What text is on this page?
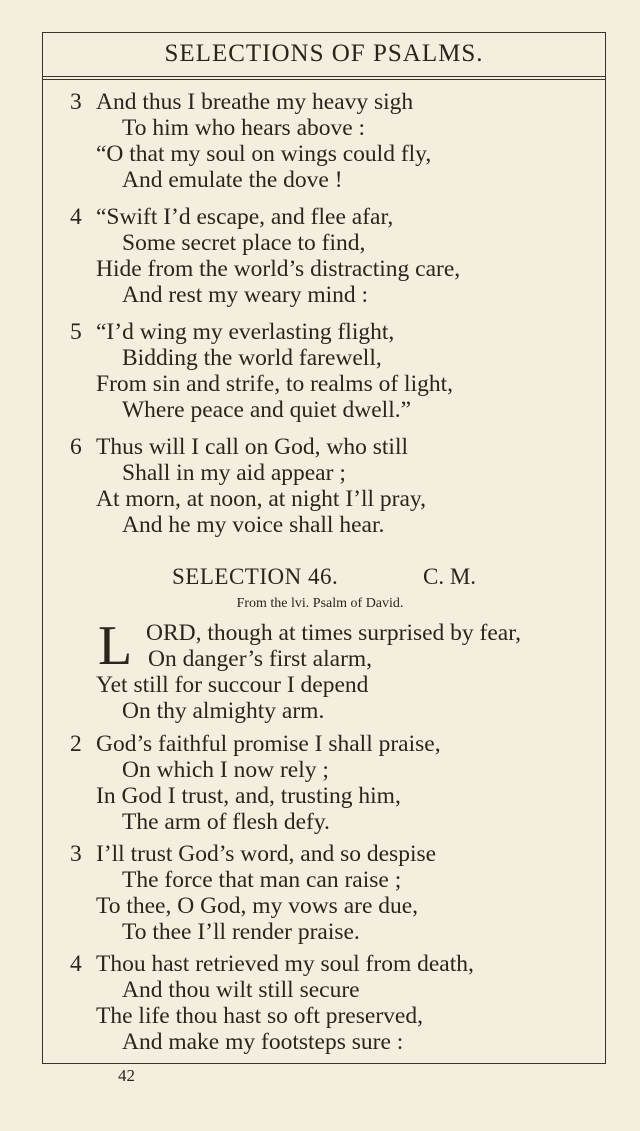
SELECTIONS OF PSALMS.
3 And thus I breathe my heavy sigh
To him who hears above :
“O that my soul on wings could fly,
And emulate the dove !
4 “Swift I’d escape, and flee afar,
Some secret place to find,
Hide from the world’s distracting care,
And rest my weary mind :
5 “I’d wing my everlasting flight,
Bidding the world farewell,
From sin and strife, to realms of light,
Where peace and quiet dwell.”
6 Thus will I call on God, who still
Shall in my aid appear ;
At morn, at noon, at night I’ll pray,
And he my voice shall hear.
SELECTION 46.	C. M.
From the lvi. Psalm of David.
L ORD, though at times surprised by fear,
On danger’s first alarm,
Yet still for succour I depend
On thy almighty arm.
2 God’s faithful promise I shall praise,
On which I now rely ;
In God I trust, and, trusting him,
The arm of flesh defy.
3 I’ll trust God’s word, and so despise
The force that man can raise ;
To thee, O God, my vows are due,
To thee I’ll render praise.
4 Thou hast retrieved my soul from death,
And thou wilt still secure
The life thou hast so oft preserved,
And make my footsteps sure :
42
